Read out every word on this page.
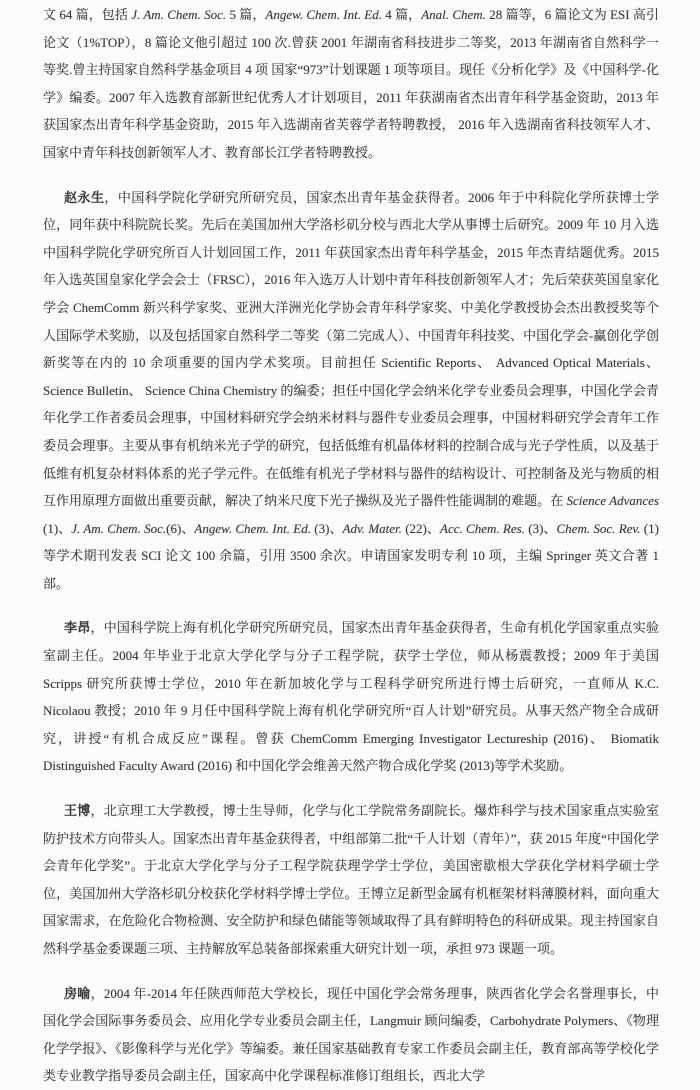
文 64 篇，包括 J. Am. Chem. Soc. 5 篇，Angew. Chem. Int. Ed. 4 篇，Anal. Chem. 28 篇等，6 篇论文为 ESI 高引论文（1%TOP），8 篇论文他引超过 100 次.曾获 2001 年湖南省科技进步二等奖，2013 年湖南省自然科学一等奖.曾主持国家自然科学基金项目 4 项 国家“973”计划课题 1 项等项目。现任《分析化学》及《中国科学-化学》编委。2007 年入选教育部新世纪优秀人才计划项目，2011 年获湖南省杰出青年科学基金资助，2013 年获国家杰出青年科学基金资助，2015 年入选湖南省芙蓉学者特聘教授， 2016 年入选湖南省科技领军人才、国家中青年科技创新领军人才、教育部长江学者特聘教授。

赵永生，中国科学院化学研究所研究员，国家杰出青年基金获得者。2006 年于中科院化学所获博士学位，同年获中科院院长奖。先后在美国加州大学洛杉矶分校与西北大学从事博士后研究。2009 年 10 月入选中国科学院化学研究所百人计划回国工作，2011 年获国家杰出青年科学基金，2015 年杰青结题优秀。2015 年入选英国皇家化学会会士（FRSC），2016 年入选万人计划中青年科技创新领军人才；先后荣获英国皇家化学会 ChemComm 新兴科学家奖、亚洲大洋洲光化学协会青年科学家奖、中美化学教授协会杰出教授奖等个人国际学术奖励，以及包括国家自然科学二等奖（第二完成人）、中国青年科技奖、中国化学会-赢创化学创新奖等在内的 10 余项重要的国内学术奖项。目前担任 Scientific Reports、 Advanced Optical Materials、 Science Bulletin、 Science China Chemistry 的编委；担任中国化学会纳米化学专业委员会理事，中国化学会青年化学工作者委员会理事，中国材料研究学会纳米材料与器件专业委员会理事，中国材料研究学会青年工作委员会理事。主要从事有机纳米光子学的研究，包括低维有机晶体材料的控制合成与光子学性质，以及基于低维有机复杂材料体系的光子学元件。在低维有机光子学材料与器件的结构设计、可控制备及光与物质的相互作用原理方面做出重要贡献，解决了纳米尺度下光子操纵及光子器件性能调制的难题。在 Science Advances (1)、J. Am. Chem. Soc.(6)、Angew. Chem. Int. Ed. (3)、Adv. Mater. (22)、Acc. Chem. Res. (3)、Chem. Soc. Rev. (1)等学术期刊发表 SCI 论文 100 余篇，引用 3500 余次。申请国家发明专利 10 项，主编 Springer 英文合著 1 部。

李昂，中国科学院上海有机化学研究所研究员，国家杰出青年基金获得者，生命有机化学国家重点实验室副主任。2004 年毕业于北京大学化学与分子工程学院，获学士学位，师从杨震教授；2009 年于美国 Scripps 研究所获博士学位，2010 年在新加坡化学与工程科学研究所进行博士后研究，一直师从 K.C. Nicolaou 教授；2010 年 9 月任中国科学院上海有机化学研究所“百人计划”研究员。从事天然产物全合成研究，讲授“有机合成反应”课程。曾获 ChemComm Emerging Investigator Lectureship (2016)、 Biomatik Distinguished Faculty Award (2016) 和中国化学会维善天然产物合成化学奖 (2013)等学术奖励。

王博，北京理工大学教授，博士生导师，化学与化工学院常务副院长。爆炸科学与技术国家重点实验室防护技术方向带头人。国家杰出青年基金获得者，中组部第二批“千人计划（青年）”，获 2015 年度“中国化学会青年化学奖”。于北京大学化学与分子工程学院获理学学士学位，美国密歇根大学获化学材料学硕士学位，美国加州大学洛杉矶分校获化学材料学博士学位。王博立足新型金属有机框架材料薄膜材料，面向重大国家需求，在危险化合物检测、安全防护和绿色储能等领域取得了具有鲜明特色的科研成果。现主持国家自然科学基金委课题三项、主持解放军总装备部探索重大研究计划一项，承担 973 课题一项。

房喻，2004 年-2014 年任陕西师范大学校长，现任中国化学会常务理事，陕西省化学会名誉理事长，中国化学会国际事务委员会、应用化学专业委员会副主任，Langmuir 顾问编委，Carbohydrate Polymers、《物理化学学报》、《影像科学与光化学》等编委。兼任国家基础教育专家工作委员会副主任，教育部高等学校化学类专业教学指导委员会副主任，国家高中化学课程标准修订组组长，西北大学
